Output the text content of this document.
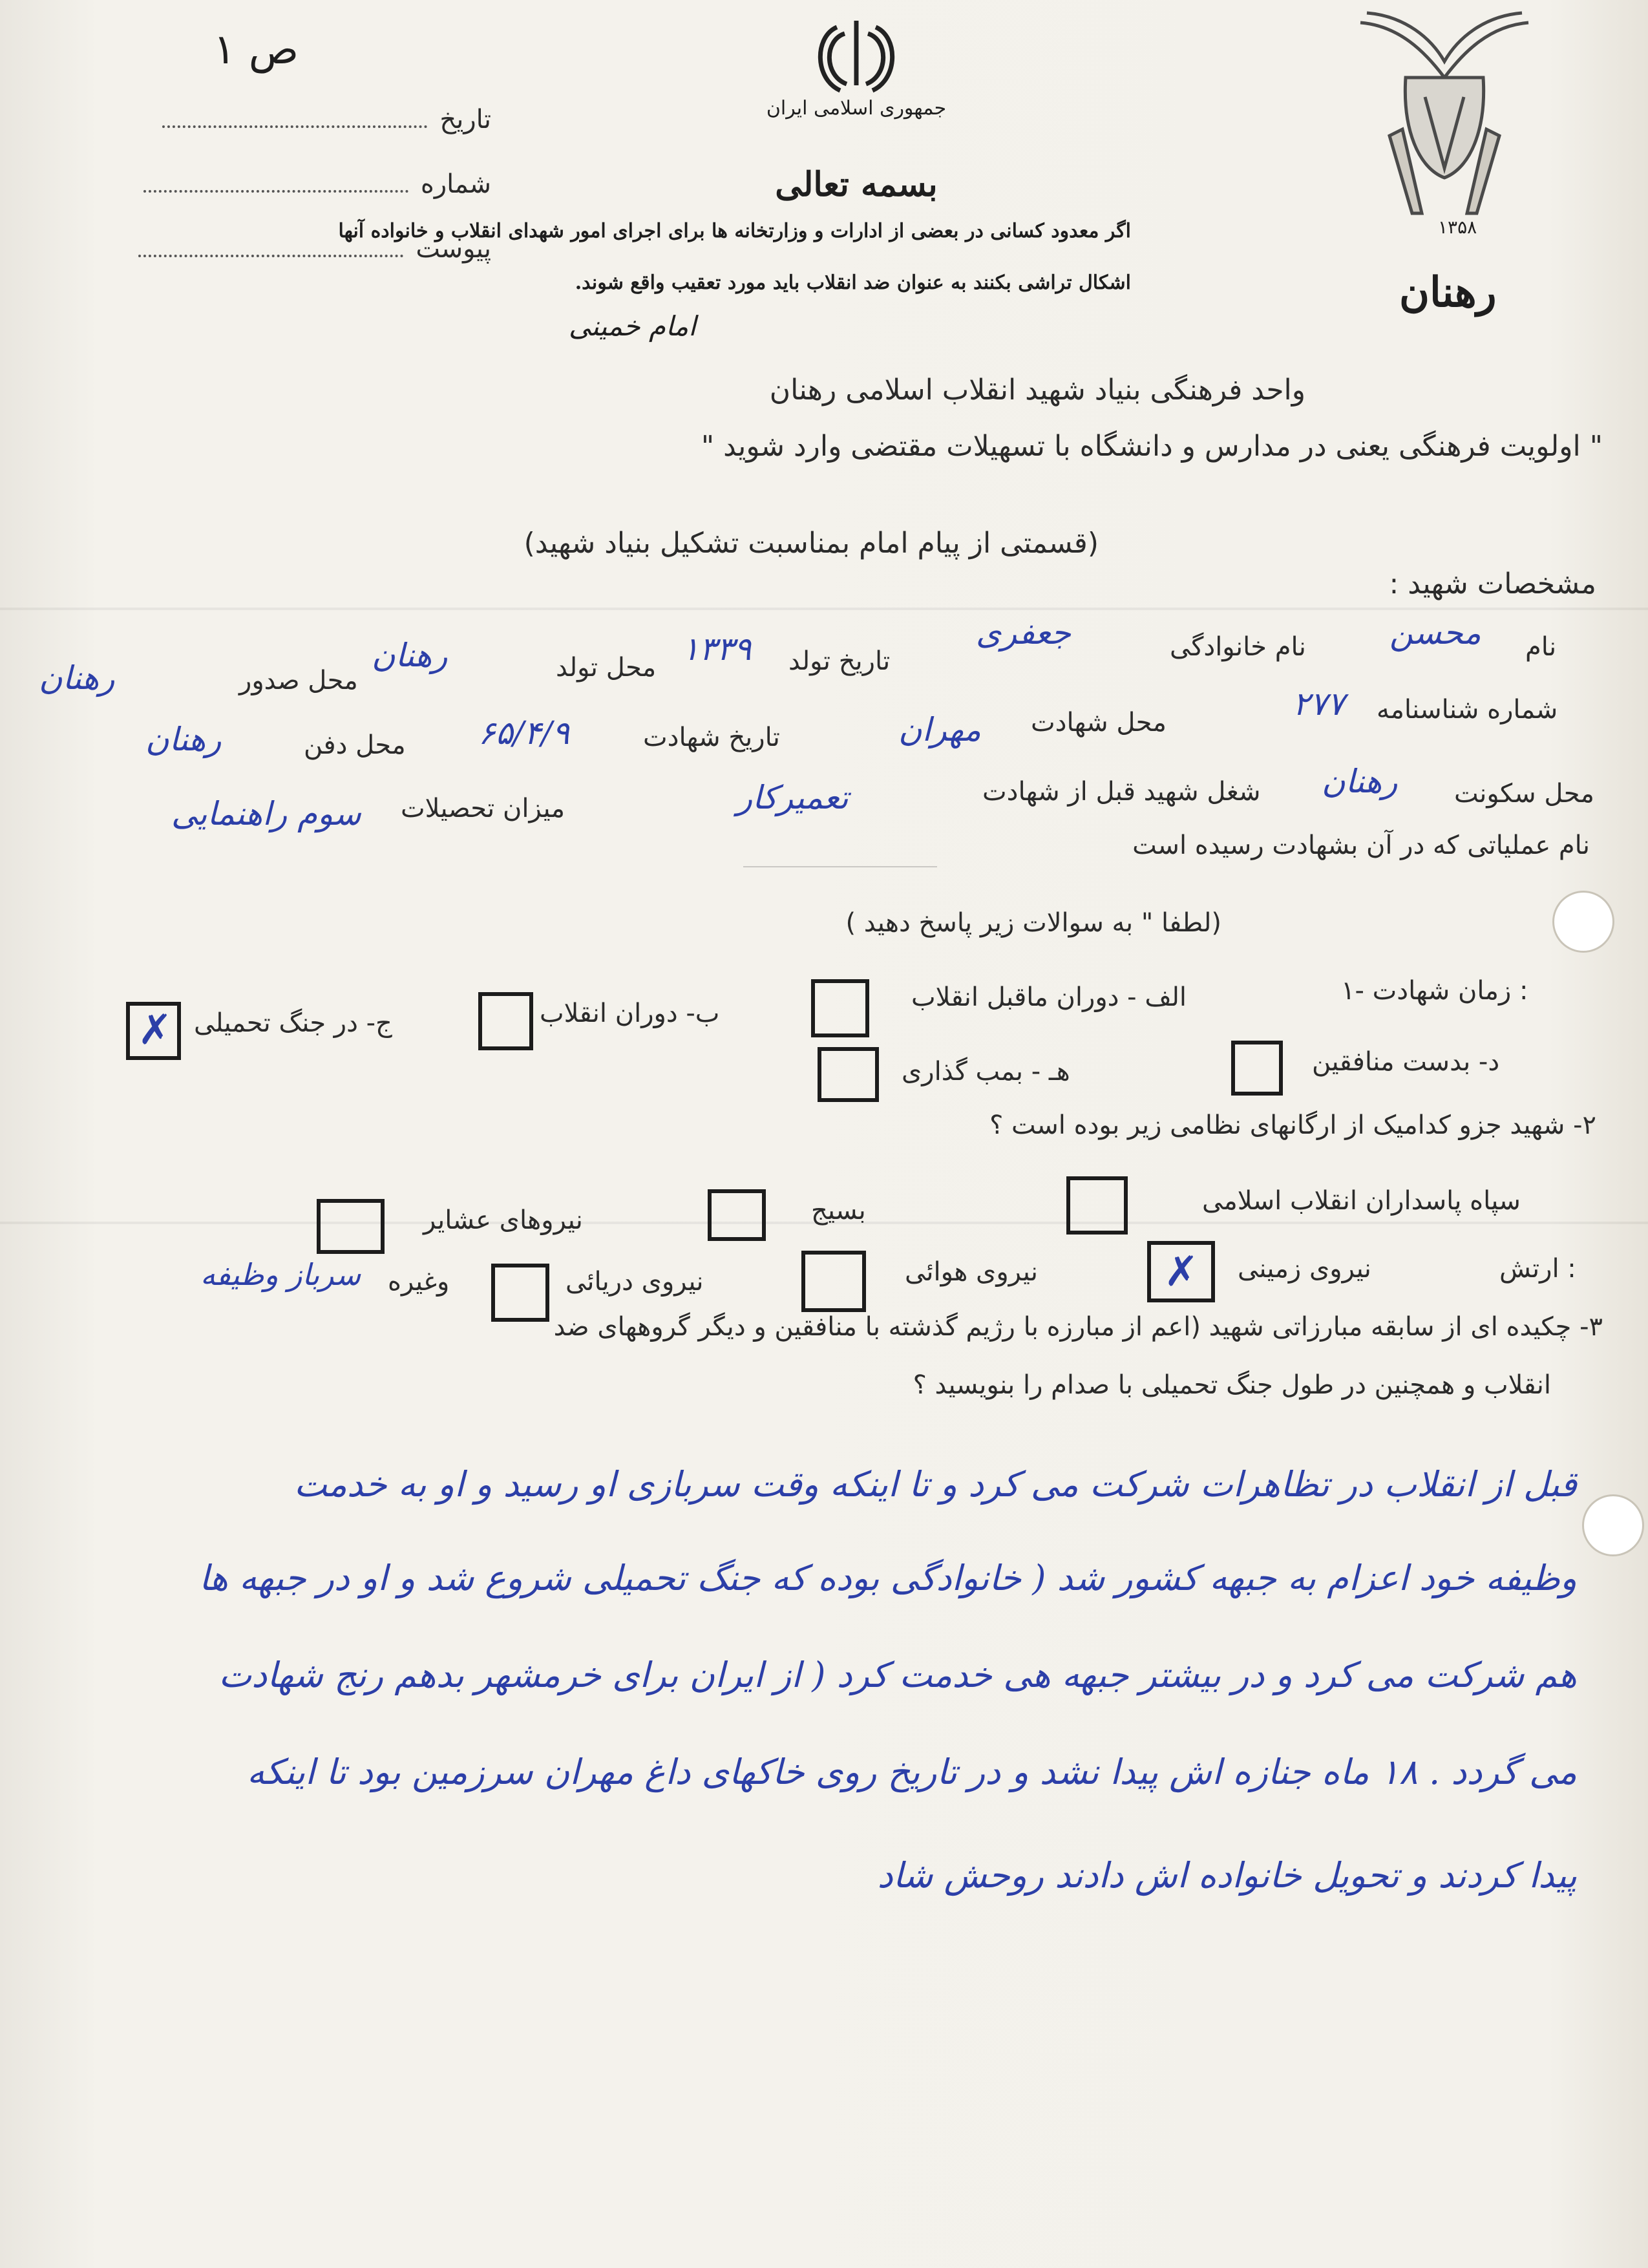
ص ۱
تاریخ
شماره
پیوست
جمهوری اسلامی ایران
بسمه تعالی
اگر معدود کسانی در بعضی از ادارات و وزارتخانه ها برای اجرای امور شهدای انقلاب و خانواده آنها
اشکال تراشی بکنند به عنوان ضد انقلاب باید مورد تعقیب واقع شوند.
امام خمینی
۱۳۵۸
رهنان
واحد فرهنگی بنیاد شهید انقلاب اسلامی رهنان
" اولویت فرهنگی یعنی در مدارس و دانشگاه با تسهیلات مقتضی وارد شوید "
(قسمتی از پیام امام بمناسبت تشکیل بنیاد شهید)
مشخصات شهید :
نام
محسن
نام خانوادگی
جعفری
تاریخ تولد
۱۳۳۹
محل تولد
رهنان
محل صدور
رهنان
شماره شناسنامه
۲۷۷
محل شهادت
مهران
تاریخ شهادت
۶۵/۴/۹
محل دفن
رهنان
محل سکونت
رهنان
شغل شهید قبل از شهادت
تعمیرکار
میزان تحصیلات
سوم راهنمایی
نام عملیاتی که در آن بشهادت رسیده است
(لطفا " به سوالات زیر پاسخ دهید )
۱- زمان شهادت :
الف - دوران ماقبل انقلاب
ب- دوران انقلاب
ج- در جنگ تحمیلی
✗
د- بدست منافقین
هـ - بمب گذاری
۲- شهید جزو کدامیک از ارگانهای نظامی زیر بوده است ؟
سپاه پاسداران انقلاب اسلامی
بسیج
نیروهای عشایر
ارتش :
نیروی زمینی
✗
نیروی هوائی
نیروی دریائی
وغیره
سرباز وظیفه
۳- چکیده ای از سابقه مبارزاتی شهید (اعم از مبارزه با رژیم گذشته با منافقین و دیگر گروههای ضد
انقلاب و همچنین در طول جنگ تحمیلی با صدام را بنویسید ؟
قبل از انقلاب در تظاهرات شرکت می کرد و تا اینکه وقت سربازی او رسید و او به خدمت
وظیفه خود اعزام به جبهه کشور شد ( خانوادگی بوده که جنگ تحمیلی شروع شد و او در جبهه ها
هم شرکت می کرد و در بیشتر جبهه هی خدمت کرد ( از ایران برای خرمشهر بدهم رنج شهادت
می گردد . ۱۸ ماه جنازه اش پیدا نشد و در تاریخ روی خاکهای داغ مهران سرزمین بود تا اینکه
پیدا کردند و تحویل خانواده اش دادند روحش شاد
